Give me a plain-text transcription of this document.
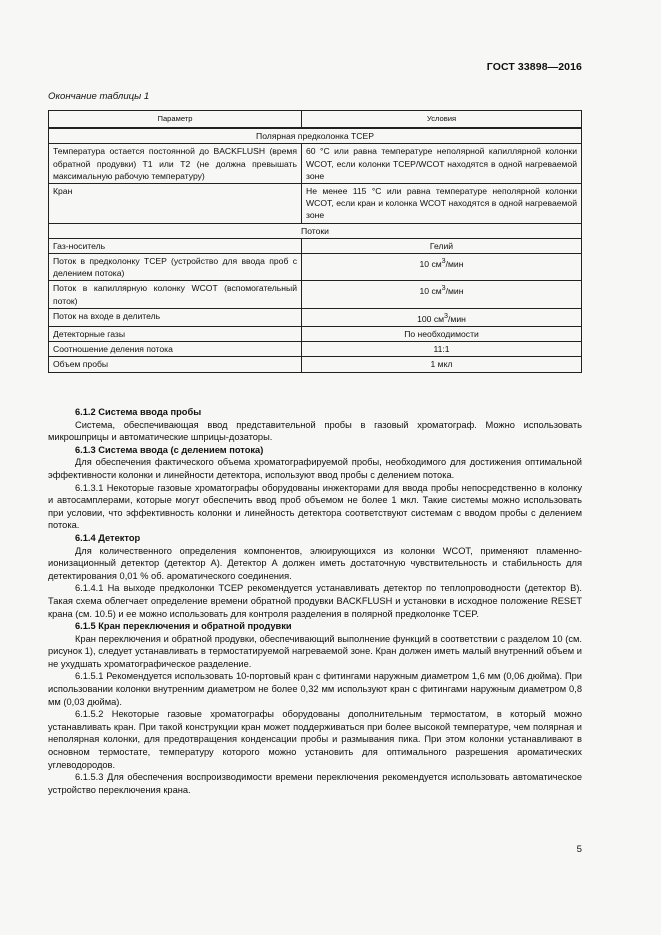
ГОСТ 33898—2016
Окончание таблицы 1
Параметр	Условия
Полярная предколонка TCEP	
Температура остается постоянной до BACKFLUSH (время обратной продувки) T1 или T2 (не должна превышать максимальную рабочую температуру)	60 °C или равна температуре неполярной капиллярной колонки WCOT, если колонки TCEP/WCOT находятся в одной нагреваемой зоне
Кран	Не менее 115 °C или равна температуре неполярной колонки WCOT, если кран и колонка WCOT находятся в одной нагреваемой зоне
Потоки	
Газ-носитель	Гелий
Поток в предколонку TCEP (устройство для ввода проб с делением потока)	10 $см^3$/мин
Поток в капиллярную колонку WCOT (вспомогательный поток)	10 $см^3$/мин
Поток на входе в делитель	100 $см^3$/мин
Детекторные газы	По необходимости
Соотношение деления потока	11:1
Объем пробы	1 мкл

6.1.2 Система ввода пробы

Система, обеспечивающая ввод представительной пробы в газовый хроматограф. Можно использовать микрошприцы и автоматические шприцы-дозаторы.

6.1.3 Система ввода (с делением потока)

Для обеспечения фактического объема хроматографируемой пробы, необходимого для достижения оптимальной эффективности колонки и линейности детектора, используют ввод пробы с делением потока.

6.1.3.1 Некоторые газовые хроматографы оборудованы инжекторами для ввода пробы непосредственно в колонку и автосамплерами, которые могут обеспечить ввод проб объемом не более 1 мкл. Такие системы можно использовать при условии, что эффективность колонки и линейность детектора соответствуют системам с вводом пробы с делением потока.

6.1.4 Детектор

Для количественного определения компонентов, элюирующихся из колонки WCOT, применяют пламенно-ионизационный детектор (детектор А). Детектор А должен иметь достаточную чувствительность и стабильность для детектирования 0,01 % об. ароматического соединения.

6.1.4.1 На выходе предколонки TCEP рекомендуется устанавливать детектор по теплопроводности (детектор В). Такая схема облегчает определение времени обратной продувки BACKFLUSH и установки в исходное положение RESET крана (см. 10.5) и ее можно использовать для контроля разделения в полярной предколонке TCEP.

6.1.5 Кран переключения и обратной продувки

Кран переключения и обратной продувки, обеспечивающий выполнение функций в соответствии с разделом 10 (см. рисунок 1), следует устанавливать в термостатируемой нагреваемой зоне. Кран должен иметь малый внутренний объем и не ухудшать хроматографическое разделение.

6.1.5.1 Рекомендуется использовать 10-портовый кран с фитингами наружным диаметром 1,6 мм (0,06 дюйма). При использовании колонки внутренним диаметром не более 0,32 мм используют кран с фитингами наружным диаметром 0,8 мм (0,03 дюйма).

6.1.5.2 Некоторые газовые хроматографы оборудованы дополнительным термостатом, в который можно устанавливать кран. При такой конструкции кран может поддерживаться при более высокой температуре, чем полярная и неполярная колонки, для предотвращения конденсации пробы и размывания пика. При этом колонки устанавливают в основном термостате, температуру которого можно установить для оптимального разрешения ароматических углеводородов.

6.1.5.3 Для обеспечения воспроизводимости времени переключения рекомендуется использовать автоматическое устройство переключения крана.

5
